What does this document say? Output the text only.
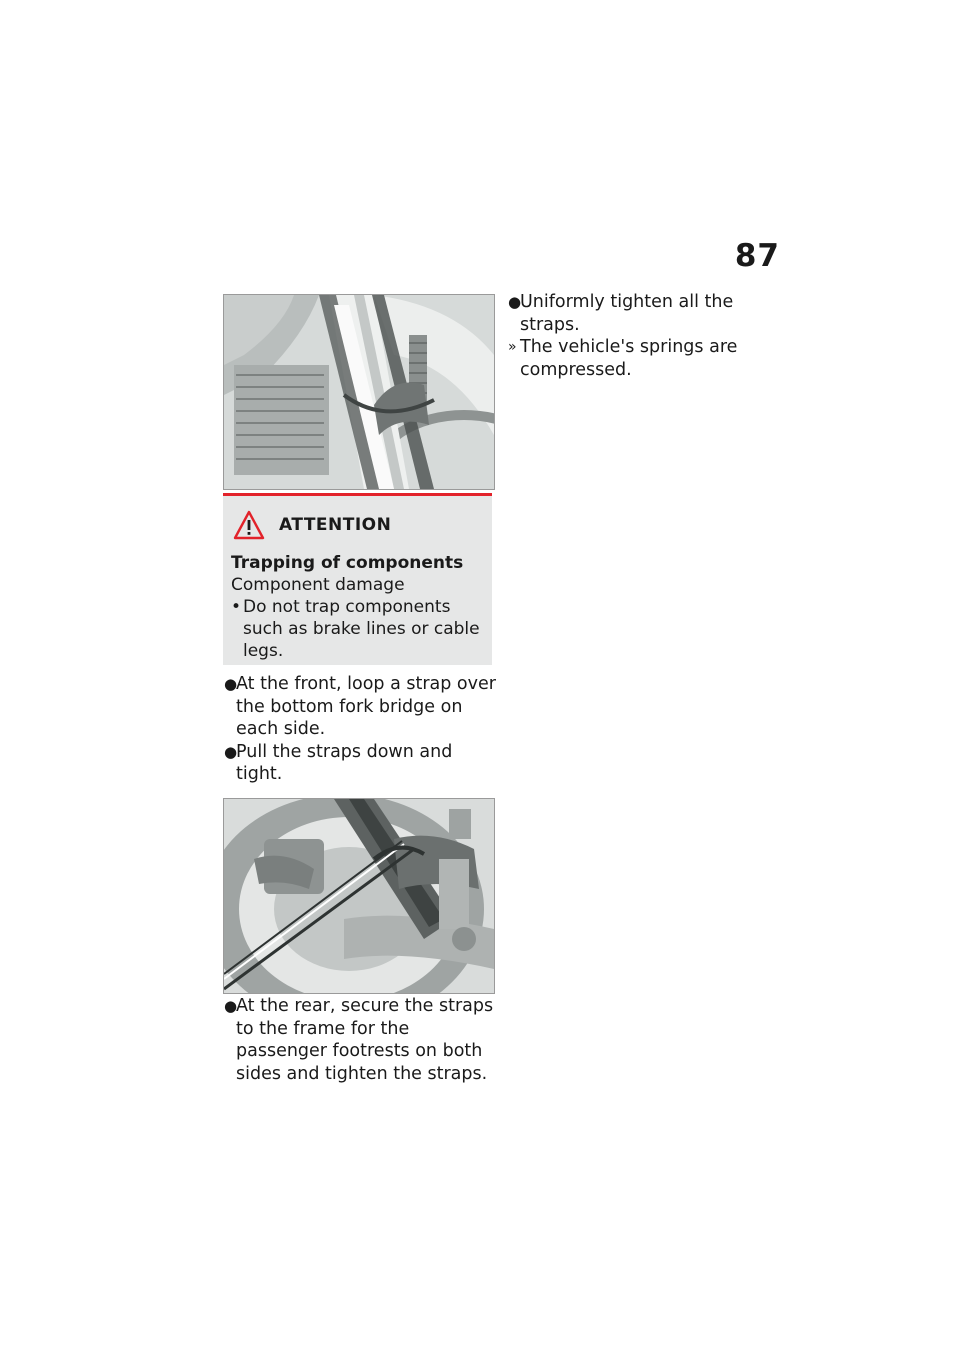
87
ATTENTION
Trapping of components
Component damage
• Do not trap components such as brake lines or cable legs.
●
At the front, loop a strap over the bottom fork bridge on each side.
●
Pull the straps down and tight.
●
At the rear, secure the straps to the frame for the passenger footrests on both sides and tighten the straps.
●
Uniformly tighten all the straps.
» The vehicle's springs are compressed.
